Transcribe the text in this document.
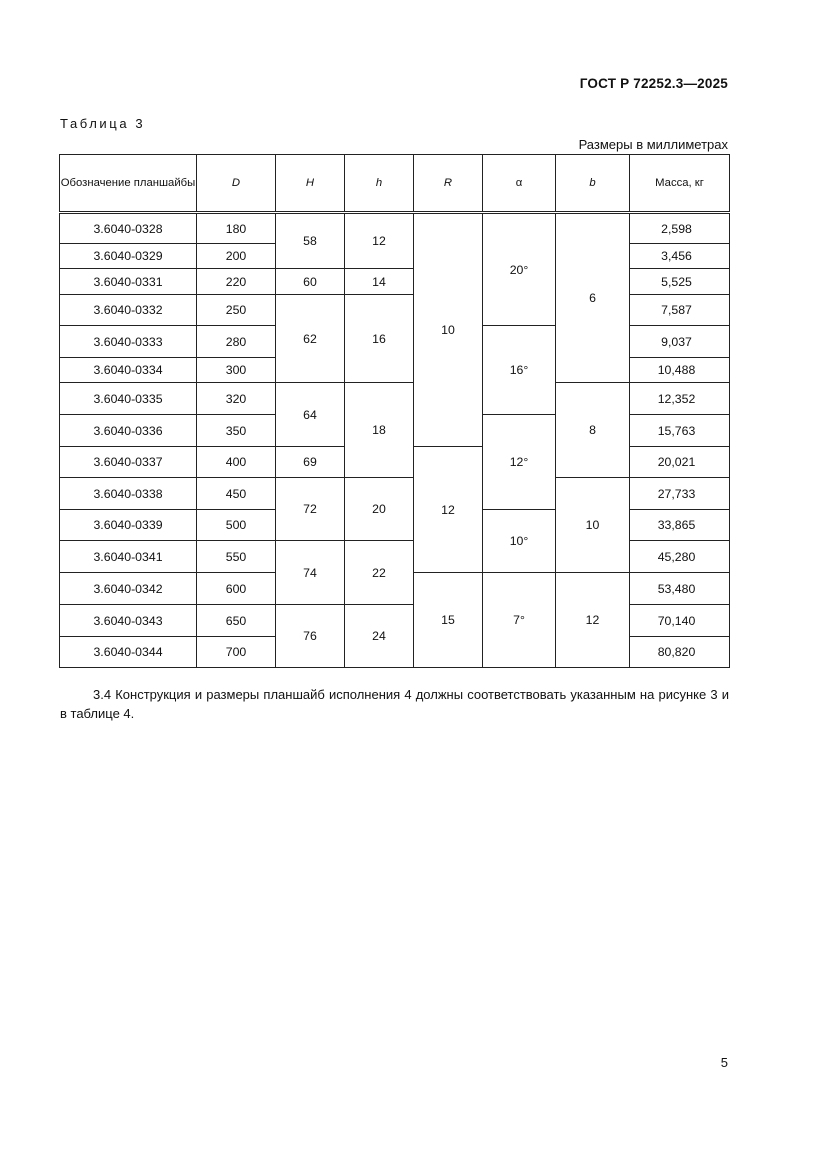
ГОСТ Р 72252.3—2025
Таблица 3
Размеры в миллиметрах
Обозначение планшайбы	D	H	h	R	α	b	Масса, кг
3.6040-0328	180	58	12	10	20°	6	2,598
3.6040-0329	200						3,456
3.6040-0331	220	60	14				5,525
3.6040-0332	250	62	16				7,587
3.6040-0333	280				16°		9,037
3.6040-0334	300						10,488
3.6040-0335	320	64	18			8	12,352
3.6040-0336	350				12°		15,763
3.6040-0337	400	69		12			20,021
3.6040-0338	450	72	20			10	27,733
3.6040-0339	500				10°		33,865
3.6040-0341	550	74	22				45,280
3.6040-0342	600			15	7°	12	53,480
3.6040-0343	650	76	24				70,140
3.6040-0344	700						80,820

3.4 Конструкция и размеры планшайб исполнения 4 должны соответствовать указанным на рисунке 3 и в таблице 4.

5
